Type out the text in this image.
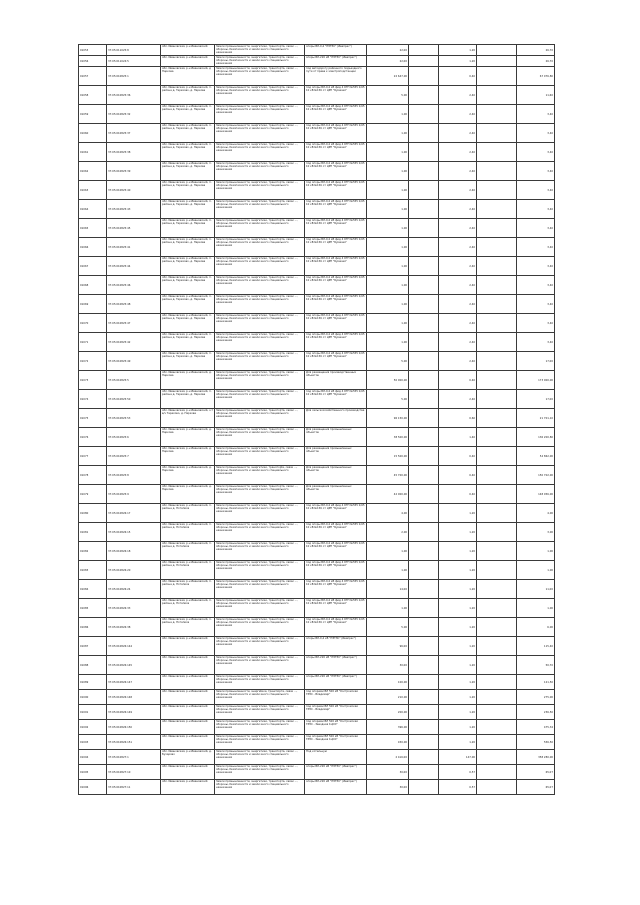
01053	37:05:011025:8	обл. Ивановская, р-н Ивановский	Земли промышленности, энергетики, транспорта, связи ..., обороны, безопасности и земли иного специального назначения	опоры ВЛ-0,4 "НЭТЭС" (Ивапрес")	22,00		1,20		26,70
01056	37:05:011024:5	обл. Ивановская, р-н Ивановский	Земли промышленности, энергетики, транспорта, связи ..., обороны, безопасности и земли иного специального назначения	опоры ВЛ-220 кВ "НЭТЭС" (Ивапрес")	22,00		1,20		26,70
01057	37:05:010825:1	обл. Ивановская, р-н Ивановский, д Паркова	Земли промышленности, энергетики, транспорта, связи ..., обороны, безопасности и земли иного специального назначения	под автодорогу районного подъездного пути от права к электроподстанции	22 647,00		0,40		67 076,80
01058	37:05:010825:36	обл. Ивановская, р-н Ивановский, п. районе д. Терехово, д. Паркова	Земли промышленности, энергетики, транспорта, связи ..., обороны, безопасности и земли иного специального назначения	под опоры ВЛ-0,4 кВ фид 4 КТП №555 0,65 10 кВ №156 от ЦРП "Бумазея"	5,00		2,40		11,60
01059	37:05:010825:32	обл. Ивановская, р-н Ивановский, п. районе д. Терехово, д. Паркова	Земли промышленности, энергетики, транспорта, связи ..., обороны, безопасности и земли иного специального назначения	под опоры ВЛ-0,4 кВ фид 4 КТП №555 0,65 10 кВ №156 от ЦРП "Бумазея"	1,00		2,40		3,40
01060	37:05:010825:37	обл. Ивановская, р-н Ивановский, п. районе д. Терехово, д. Паркова	Земли промышленности, энергетики, транспорта, связи ..., обороны, безопасности и земли иного специального назначения	под опоры ВЛ-0,4 кВ фид 4 КТП №555 0,65 10 кВ №156 от ЦРП "Бумазея"	1,00		2,40		3,40
01061	37:05:010825:38	обл. Ивановская, р-н Ивановский, п. районе д. Терехово, д. Паркова	Земли промышленности, энергетики, транспорта, связи ..., обороны, безопасности и земли иного специального назначения	под опоры ВЛ-0,4 кВ фид 4 КТП №555 0,65 10 кВ №156 от ЦРП "Бумазея"	1,00		2,40		3,40
01062	37:05:010825:39	обл. Ивановская, р-н Ивановский, п. районе д. Терехово, д. Паркова	Земли промышленности, энергетики, транспорта, связи ..., обороны, безопасности и земли иного специального назначения	под опоры ВЛ-0,4 кВ фид 4 КТП №555 0,65 10 кВ №156 от ЦРП "Бумазея"	1,00		2,40		3,40
01063	37:05:010825:40	обл. Ивановская, р-н Ивановский, п. районе д. Терехово, д. Паркова	Земли промышленности, энергетики, транспорта, связи ..., обороны, безопасности и земли иного специального назначения	под опоры ВЛ-0,4 кВ фид 4 КТП №555 0,65 10 кВ №156 от ЦРП "Бумазея"	1,00		2,40		3,40
01064	37:05:010825:43	обл. Ивановская, р-н Ивановский, п. районе д. Терехово, д. Паркова	Земли промышленности, энергетики, транспорта, связи ..., обороны, безопасности и земли иного специального назначения	под опоры ВЛ-0,4 кВ фид 4 КТП №555 0,65 10 кВ №156 от ЦРП "Бумазея"	1,00		2,40		3,40
01065	37:05:010825:45	обл. Ивановская, р-н Ивановский, п. районе д. Терехово, д. Паркова	Земли промышленности, энергетики, транспорта, связи ..., обороны, безопасности и земли иного специального назначения	под опоры ВЛ-0,4 кВ фид 4 КТП №555 0,65 10 кВ №156 от ЦРП "Бумазея"	1,00		2,40		3,40
01066	37:05:010825:41	обл. Ивановская, р-н Ивановский, п. районе д. Терехово, д. Паркова	Земли промышленности, энергетики, транспорта, связи ..., обороны, безопасности и земли иного специального назначения	под опоры ВЛ-0,4 кВ фид 4 КТП №555 0,65 10 кВ №156 от ЦРП "Бумазея"	1,00		2,40		3,40
01067	37:05:010825:44	обл. Ивановская, р-н Ивановский, п. районе д. Терехово, д. Паркова	Земли промышленности, энергетики, транспорта, связи ..., обороны, безопасности и земли иного специального назначения	под опоры ВЛ-0,4 кВ фид 4 КТП №555 0,65 10 кВ №156 от ЦРП "Бумазея"	1,00		2,40		3,40
01068	37:05:010825:46	обл. Ивановская, р-н Ивановский, п. районе д. Терехово, д. Паркова	Земли промышленности, энергетики, транспорта, связи ..., обороны, безопасности и земли иного специального назначения	под опоры ВЛ-0,4 кВ фид 4 КТП №555 0,65 10 кВ №156 от ЦРП "Бумазея"	1,00		2,40		3,40
01069	37:05:010825:48	обл. Ивановская, р-н Ивановский, п. районе д. Терехово, д. Паркова	Земли промышленности, энергетики, транспорта, связи ..., обороны, безопасности и земли иного специального назначения	под опоры ВЛ-0,4 кВ фид 4 КТП №555 0,65 10 кВ №156 от ЦРП "Бумазея"	1,00		2,40		3,40
01070	37:05:010825:47	обл. Ивановская, р-н Ивановский, п. районе д. Терехово, д. Паркова	Земли промышленности, энергетики, транспорта, связи ..., обороны, безопасности и земли иного специального назначения	под опоры ВЛ-0,4 кВ фид 4 КТП №555 0,65 10 кВ №156 от ЦРП "Бумазея"	1,00		2,40		3,40
01071	37:05:010825:42	обл. Ивановская, р-н Ивановский, п. районе д. Терехово, д. Паркова	Земли промышленности, энергетики, транспорта, связи ..., обороны, безопасности и земли иного специального назначения	под опоры ВЛ-0,4 кВ фид 4 КТП №555 0,65 10 кВ №156 от ЦРП "Бумазея"	1,00		2,40		3,40
01072	37:05:010825:49	обл. Ивановская, р-н Ивановский, п. районе д. Терехово, д. Паркова	Земли промышленности, энергетики, транспорта, связи ..., обороны, безопасности и земли иного специального назначения	под опоры ВЛ-0,4 кВ фид 4 КТП №555 0,65 10 кВ №156 от ЦРП "Бумазея"	5,00		2,40		17,00
01073	37:05:010825:5	обл. Ивановская, р-н Ивановский, д. Паркова	Земли промышленности, энергетики, транспорта, связи ..., обороны, безопасности и земли иного специального назначения	Для размещения производственных объектов	50 000,00		0,40		173 000,00
01074	37:05:010825:50	обл. Ивановская, р-н Ивановский, п. районе д. Терехово, д. Паркова	Земли промышленности, энергетики, транспорта, связи ..., обороны, безопасности и земли иного специального назначения	под опоры ВЛ-0,4 кВ фид 4 КТП №555 0,65 10 кВ №156 от ЦРП "Бумазея"	5,00		2,40		17,00
01075	37:05:010825:53	обл. Ивановская, р-н Ивановский, з-т в/ч Терехово, д. Паркова	Земли промышленности, энергетики, транспорта, связи ..., обороны, безопасности и земли иного специального назначения	Для сельскохозяйственного производства	96 150,00		0,60		21 701,10
01076	37:05:010825:6	обл. Ивановская, р-н Ивановский, д. Паркова	Земли промышленности, энергетики, транспорта, связи ..., обороны, безопасности и земли иного специального назначения	Для размещения промышленных объектов	38 500,00		1,40		136 200,80
01077	37:05:010825:7	обл. Ивановская, р-н Ивановский, д. Паркова	Земли промышленности, энергетики, транспорта, связи ..., обороны, безопасности и земли иного специального назначения	Для размещения промышленных объектов	15 500,00		0,40		54 862,00
01078	37:05:010825:8	обл. Ивановская, р-н Ивановский, д. Паркова	Земли промышленности, энергетики, транспорta, связи ..., обороны, безопасности и земли иного специального назначения	Для размещения промышленных объектов	45 700,00		0,40		150 702,00
01079	37:05:010825:9	обл. Ивановская, р-н Ивановский, д. Паркова	Земли промышленности, энергетики, транспорта, связи ..., обороны, безопасности и земли иного специального назначения	Для размещения промышленных объектов	42 000,00		0,40		148 056,00
01080	37:05:010826:17	обл. Ивановская, р-н Ивановский, п. районе д. Потапиха	Земли промышленности, энергетики, транспорта, связи ..., обороны, безопасности и земли иного специального назначения	под опоры ВЛ-0,4 кВ фид 4 КТП №555 0,65 10 кВ №156 от ЦРП "Бумазея"	4,00		1,20		4,00
01081	37:05:010826:15	обл. Ивановская, р-н Ивановский, п. районе д. Потапиха	Земли промышленности, энергетики, транспорта, связи ..., обороны, безопасности и земли иного специального назначения	под опоры ВЛ-0,4 кВ фид 4 КТП №555 0,65 10 кВ №156 от ЦРП "Бумазея"	2,00		1,20		3,00
01082	37:05:010826:18	обл. Ивановская, р-н Ивановский, п. районе д. Потапиха	Земли промышленности, энергетики, транспорта, связи ..., обороны, безопасности и земли иного специального назначения	под опоры ВЛ-0,4 кВ фид 4 КТП №555 0,65 10 кВ №156 от ЦРП "Бумазея"	1,00		1,20		1,00
01083	37:05:010826:20	обл. Ивановская, р-н Ивановский, п. районе д. Потапиха	Земли промышленности, энергетики, транспорта, связи ..., обороны, безопасности и земли иного специального назначения	под опоры ВЛ-0,4 кВ фид 4 КТП №555 0,65 10 кВ №156 от ЦРП "Бумазея"	1,00		1,20		1,00
01084	37:05:010826:24	обл. Ивановская, р-н Ивановский, п. районе д. Потапиха	Земли промышленности, энергетики, транспорта, связи ..., обороны, безопасности и земли иного специального назначения	под опоры ВЛ-0,4 кВ фид 4 КТП №555 0,65 10 кВ №156 от ЦРП "Бумазея"	14,00		1,20		11,00
01085	37:05:010826:33	обл. Ивановская, р-н Ивановский, п. районе д. Потапиха	Земли промышленности, энергетики, транспорта, связи ..., обороны, безопасности и земли иного специального назначения	под опоры ВЛ-0,4 кВ фид 4 КТП №555 0,65 10 кВ №156 от ЦРП "Бумазея"	1,00		1,20		1,00
01086	37:05:010826:38	обл. Ивановская, р-н Ивановский, п. районе д. Потапиха	Земли промышленности, энергетики, транспорта, связи ..., обороны, безопасности и земли иного специального назначения	под опоры ВЛ-0,4 кВ фид 4 КТП №555 0,65 10 кВ №156 от ЦРП "Бумазея"	5,00		1,20		6,00
01087	37:05:010826:144	обл. Ивановская, р-н Ивановский	Земли промышленности, энергетики, транспорта, связи ..., обороны, безопасности и земли иного специального назначения	опоры ВЛ-0,4 кВ "НЭТЭС" (Ивапрес")	96,00		1,20		115,40
01088	37:05:010826:145	обл. Ивановская, р-н Ивановский	Земли промышленности, энергетики, транспорта, связи ..., обороны, безопасности и земли иного специального назначения	опоры ВЛ-220 кВ "НЭТЭС" (Ивапрес")	30,00		1,20		50,70
01089	37:05:010826:147	обл. Ивановская, р-н Ивановский	Земли промышленности, энергетики, транспорта, связи ..., обороны, безопасности и земли иного специального назначения	опоры ВЛ-220 кВ "НЭТЭС" (Ивапрес")	100,00		1,20		121,50
01090	37:05:010826:148	обл. Ивановская, р-н Ивановский	Земли промышленности, энергetики, транспорта, связи ..., обороны, безопасности и земли иного специального назначения	под опорами ВЛ 500 кВ "Костромская ГРЭС - Владимир"	210,00		1,20		275,00
01091	37:05:010826:149	обл. Ивановская, р-н Ивановский	Земли промышленности, энергетики, транспорта, связи ..., обороны, безопасности и земли иного специального назначения	под опорами ВЛ 500 кВ "Костромская ГРЭС - Владимир"	200,00		1,20		236,50
01092	37:05:010826:150	обл. Ивановская, р-н Ивановский	Земли промышленности, энергетики, транспорта, связи ..., обороны, безопасности и земли иного специального назначения	под опорами ВЛ 500 кВ "Костромская ГРЭС - Звездная 1ЦОС"	396,00		1,20		475,34
01093	37:05:010826:151	обл. Ивановская, р-н Ивановский	Земли промышленности, энергетики, транспорта, связи ..., обороны, безопасности и земли иного специального назначения	под опорами ВЛ 500 кВ "Костромская ГРЭС - Звездная 1ЦОС"	450,00		1,20		556,50
01094	37:05:010827:1	обл. Ивановская, р-н Ивановский, д. Бухарово	Земли промышленности, энергетики, транспорта, связи ..., обороны, безопасности и земли иного специального назначения	Под котельную	2 416,00		147,00		358 280,00
01095	37:05:010827:10	обл. Ивановская, р-н Ивановский	Земли промышленности, энергетики, транспорта, связи ..., обороны, безопасности и земли иного специального назначения	опоры ВЛ-220 кВ "НЭТЭС" (Ивапрес")	30,00		0,57		65,07
01096	37:05:010827:11	обл. Ивановская, р-н Ивановский	Земли промышленности, энергетики, транспорта, связи ..., обороны, безопасности и земли иного специального назначения	опоры ВЛ-220 кВ "НЭТЭС" (Ивапрес")	30,00		0,57		65,07
